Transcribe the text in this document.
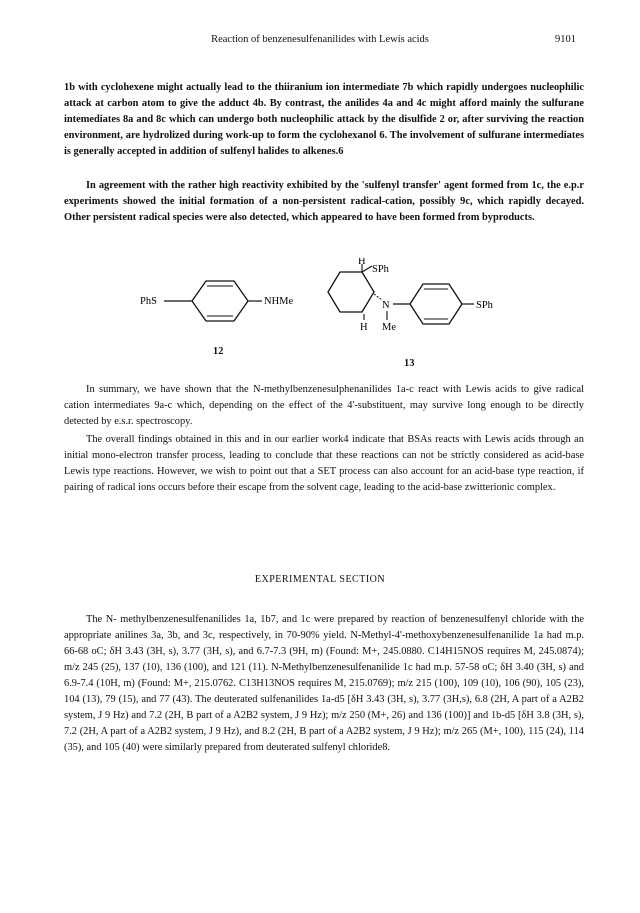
Reaction of benzenesulfenanilides with Lewis acids	9101

1b with cyclohexene might actually lead to the thiiranium ion intermediate 7b which rapidly undergoes nucleophilic attack at carbon atom to give the adduct 4b. By contrast, the anilides 4a and 4c might afford mainly the sulfurane intemediates 8a and 8c which can undergo both nucleophilic attack by the disulfide 2 or, after surviving the reaction environment, are hydrolized during work-up to form the cyclohexanol 6. The involvement of sulfurane intermediates is generally accepted in addition of sulfenyl halides to alkenes.6

In agreement with the rather high reactivity exhibited by the 'sulfenyl transfer' agent formed from 1c, the e.p.r experiments showed the initial formation of a non-persistent radical-cation, possibly 9c, which rapidly decayed. Other persistent radical species were also detected, which appeared to have been formed from byproducts.

PhS	NHMe
12
H
SPh
N
H Me
SPh
13

In summary, we have shown that the N-methylbenzenesulphenanilides 1a-c react with Lewis acids to give radical cation intermediates 9a-c which, depending on the effect of the 4'-substituent, may survive long enough to be directly detected by e.s.r. spectroscopy.

The overall findings obtained in this and in our earlier work4 indicate that BSAs reacts with Lewis acids through an initial mono-electron transfer process, leading to conclude that these reactions can not be strictly considered as acid-base Lewis type reactions. However, we wish to point out that a SET process can also account for an acid-base type reaction, if pairing of radical ions occurs before their escape from the solvent cage, leading to the acid-base zwitterionic complex.

EXPERIMENTAL SECTION

The N- methylbenzenesulfenanilides 1a, 1b7, and 1c were prepared by reaction of benzenesulfenyl chloride with the appropriate anilines 3a, 3b, and 3c, respectively, in 70-90% yield. N-Methyl-4'-methoxybenzenesulfenanilide 1a had m.p. 66-68 oC; δH 3.43 (3H, s), 3.77 (3H, s), and 6.7-7.3 (9H, m) (Found: M+, 245.0880. C14H15NOS requires M, 245.0874); m/z 245 (25), 137 (10), 136 (100), and 121 (11). N-Methylbenzenesulfenanilide 1c had m.p. 57-58 oC; δH 3.40 (3H, s) and 6.9-7.4 (10H, m) (Found: M+, 215.0762. C13H13NOS requires M, 215.0769); m/z 215 (100), 109 (10), 106 (90), 105 (23), 104 (13), 79 (15), and 77 (43). The deuterated sulfenanilides 1a-d5 [δH 3.43 (3H, s), 3.77 (3H,s), 6.8 (2H, A part of a A2B2 system, J 9 Hz) and 7.2 (2H, B part of a A2B2 system, J 9 Hz); m/z 250 (M+, 26) and 136 (100)] and 1b-d5 [δH 3.8 (3H, s), 7.2 (2H, A part of a A2B2 system, J 9 Hz), and 8.2 (2H, B part of a A2B2 system, J 9 Hz); m/z 265 (M+, 100), 115 (24), 114 (35), and 105 (40) were similarly prepared from deuterated sulfenyl chloride8.
